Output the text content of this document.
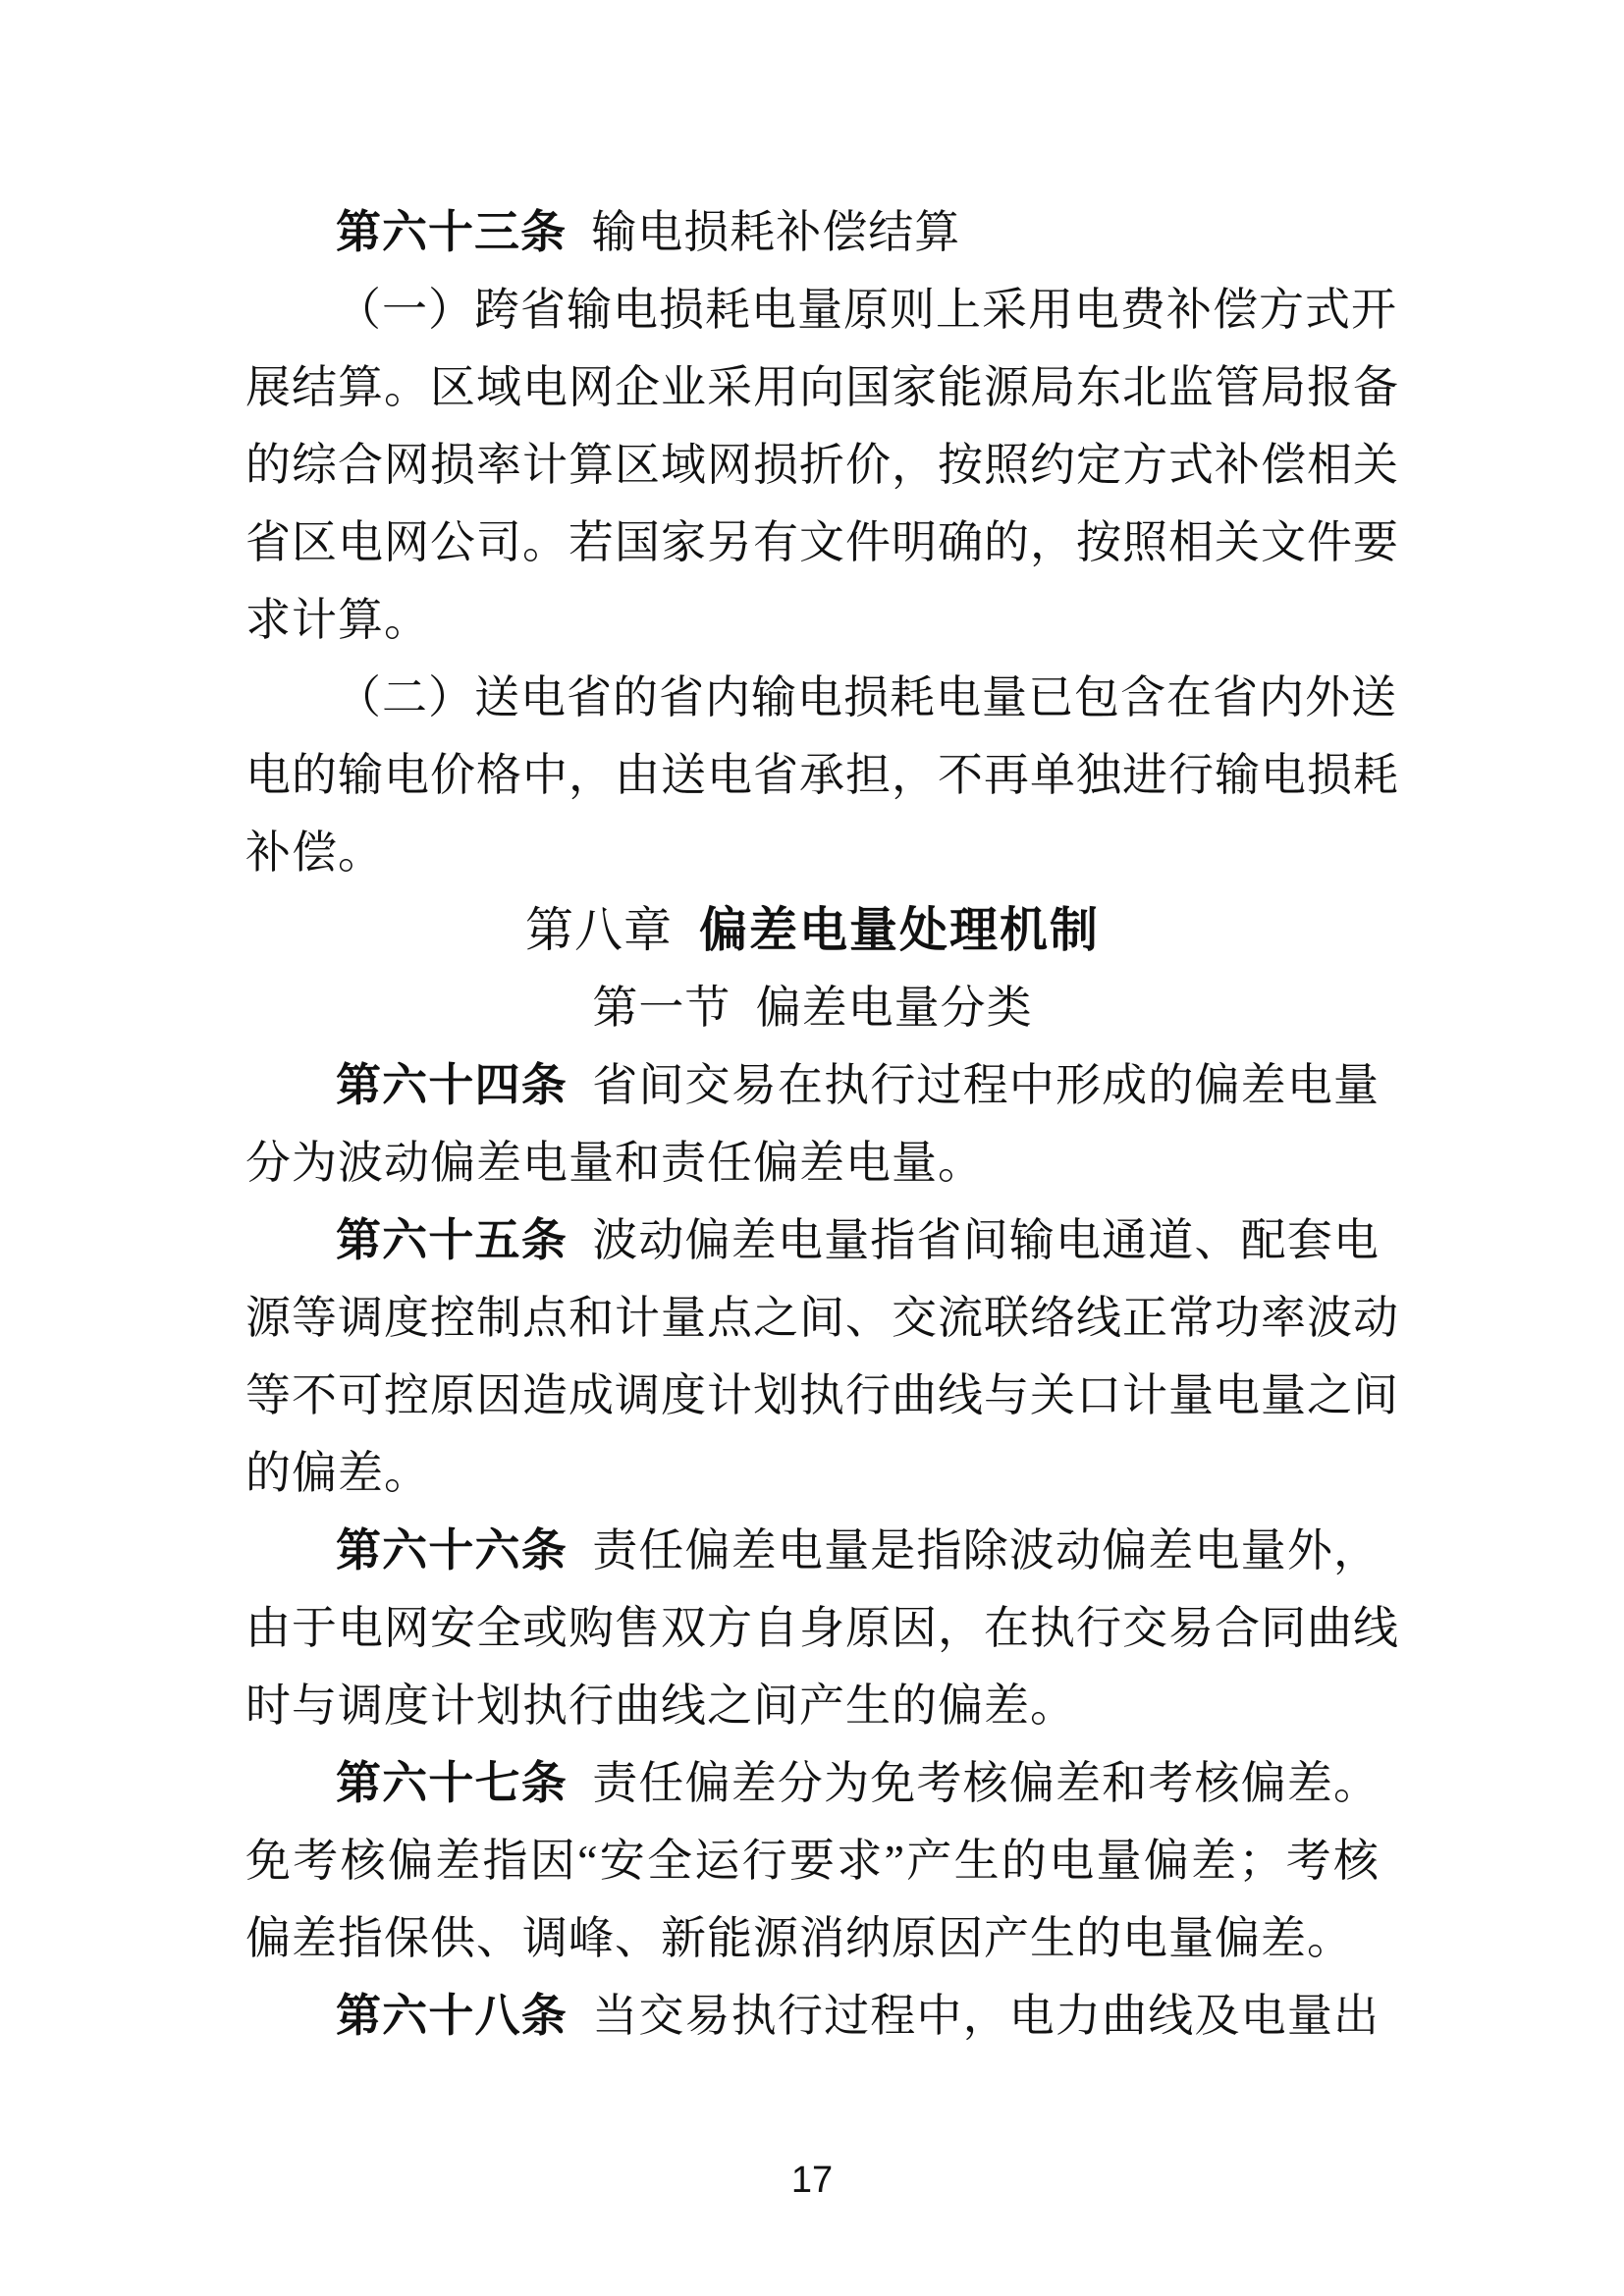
第六十三条 输电损耗补偿结算
（一）跨省输电损耗电量原则上采用电费补偿方式开
展结算。区域电网企业采用向国家能源局东北监管局报备
的综合网损率计算区域网损折价，按照约定方式补偿相关
省区电网公司。若国家另有文件明确的，按照相关文件要
求计算。
（二）送电省的省内输电损耗电量已包含在省内外送
电的输电价格中，由送电省承担，不再单独进行输电损耗
补偿。
第八章 偏差电量处理机制
第一节 偏差电量分类
第六十四条 省间交易在执行过程中形成的偏差电量
分为波动偏差电量和责任偏差电量。
第六十五条 波动偏差电量指省间输电通道、配套电
源等调度控制点和计量点之间、交流联络线正常功率波动
等不可控原因造成调度计划执行曲线与关口计量电量之间
的偏差。
第六十六条 责任偏差电量是指除波动偏差电量外，
由于电网安全或购售双方自身原因，在执行交易合同曲线
时与调度计划执行曲线之间产生的偏差。
第六十七条 责任偏差分为免考核偏差和考核偏差。
免考核偏差指因“安全运行要求”产生的电量偏差；考核
偏差指保供、调峰、新能源消纳原因产生的电量偏差。
第六十八条 当交易执行过程中，电力曲线及电量出
17
